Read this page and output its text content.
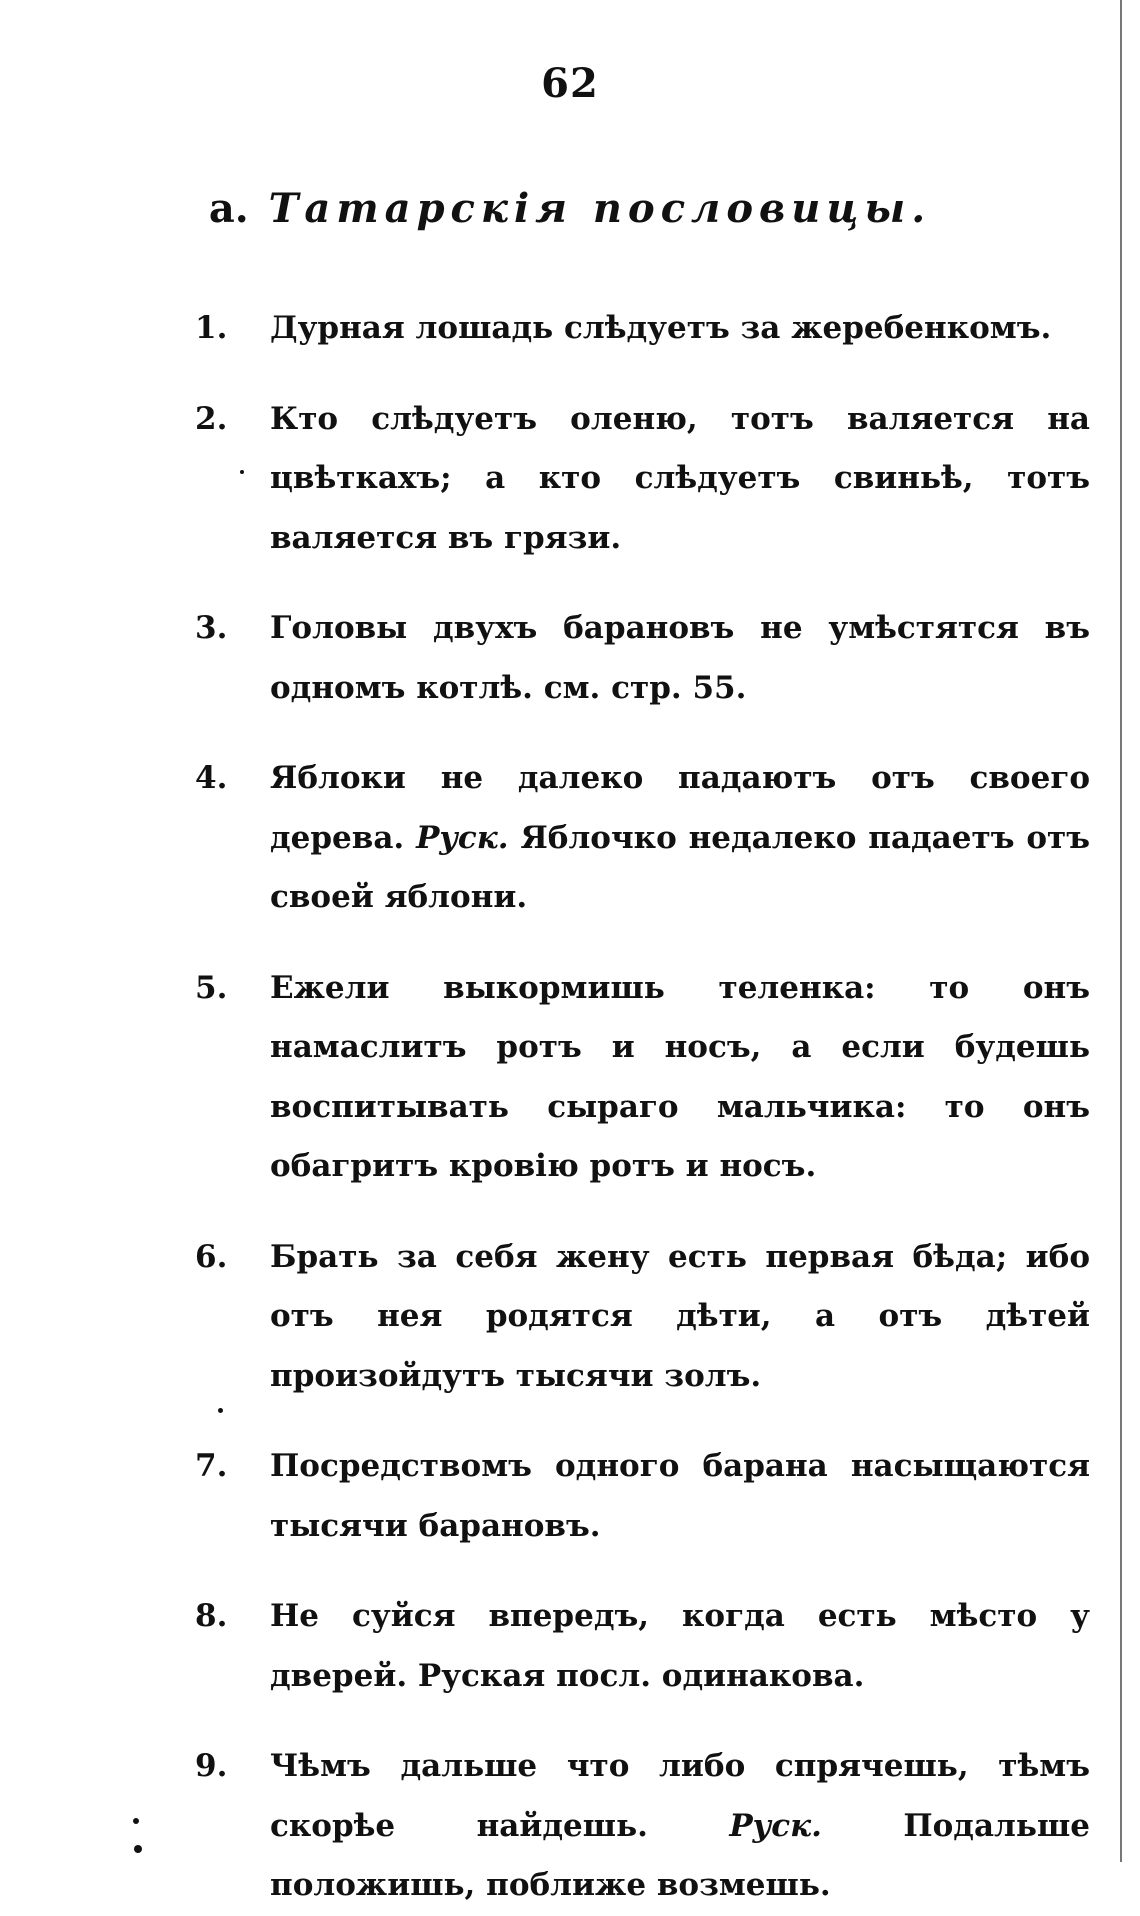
62
a. Татарскія пословицы.

1.	Дурная лошадь слѣдуетъ за жеребенкомъ.

2.	Кто слѣдуетъ оленю, тотъ валяется на цвѣткахъ; а кто слѣдуетъ свиньѣ, тотъ валяется въ грязи.

3.	Головы двухъ барановъ не умѣстятся въ одномъ котлѣ. см. стр. 55.

4.	Яблоки не далеко падаютъ отъ своего дерева. Руск. Яблочко недалеко падаетъ отъ своей яблони.

5.	Ежели выкормишь теленка: то онъ намаслитъ ротъ и носъ, а если будешь воспитывать сыраго мальчика: то онъ обагритъ кровію ротъ и носъ.

6.	Брать за себя жену есть первая бѣда; ибо отъ нея родятся дѣти, а отъ дѣтей произойдутъ тысячи золъ.

7.	Посредствомъ одного барана насыщаются тысячи барановъ.

8.	Не суйся впередъ, когда есть мѣсто у дверей. Руская посл. одинакова.

9.	Чѣмъ дальше что либо спрячешь, тѣмъ скорѣе найдешь.	Руск.	Подальше положишь, поближе возмешь.
